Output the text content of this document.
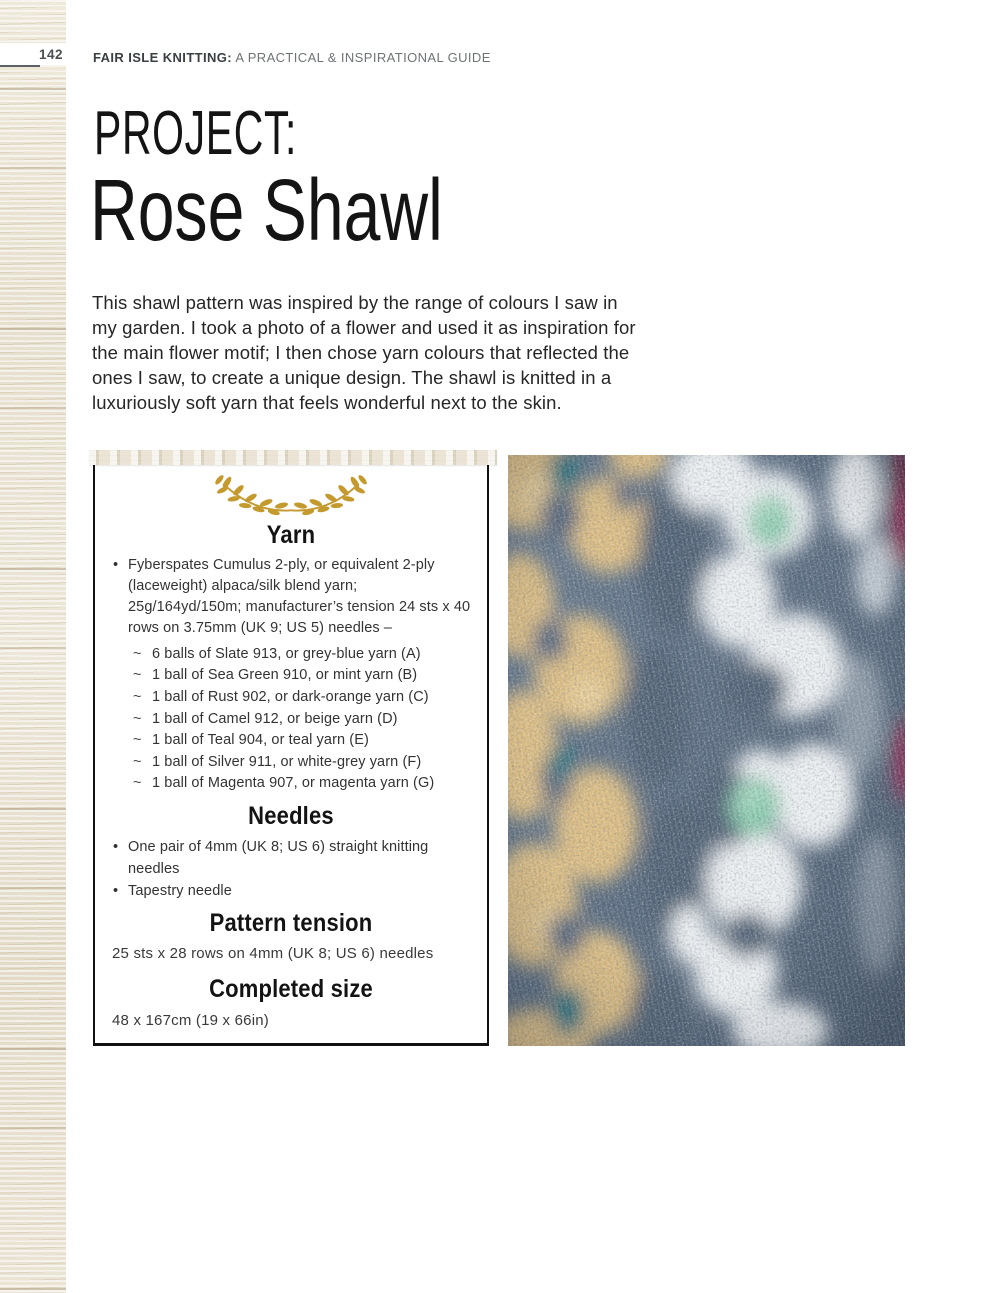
142 FAIR ISLE KNITTING: A PRACTICAL & INSPIRATIONAL GUIDE
PROJECT:
Rose Shawl

This shawl pattern was inspired by the range of colours I saw in my garden. I took a photo of a flower and used it as inspiration for the main flower motif; I then chose yarn colours that reflected the ones I saw, to create a unique design. The shawl is knitted in a luxuriously soft yarn that feels wonderful next to the skin.

Yarn
• Fyberspates Cumulus 2-ply, or equivalent 2-ply (laceweight) alpaca/silk blend yarn; 25g/164yd/150m; manufacturer’s tension 24 sts x 40 rows on 3.75mm (UK 9; US 5) needles –
~ 6 balls of Slate 913, or grey-blue yarn (A)
~ 1 ball of Sea Green 910, or mint yarn (B)
~ 1 ball of Rust 902, or dark-orange yarn (C)
~ 1 ball of Camel 912, or beige yarn (D)
~ 1 ball of Teal 904, or teal yarn (E)
~ 1 ball of Silver 911, or white-grey yarn (F)
~ 1 ball of Magenta 907, or magenta yarn (G)
Needles
• One pair of 4mm (UK 8; US 6) straight knitting needles
• Tapestry needle
Pattern tension

25 sts x 28 rows on 4mm (UK 8; US 6) needles

Completed size

48 x 167cm (19 x 66in)
